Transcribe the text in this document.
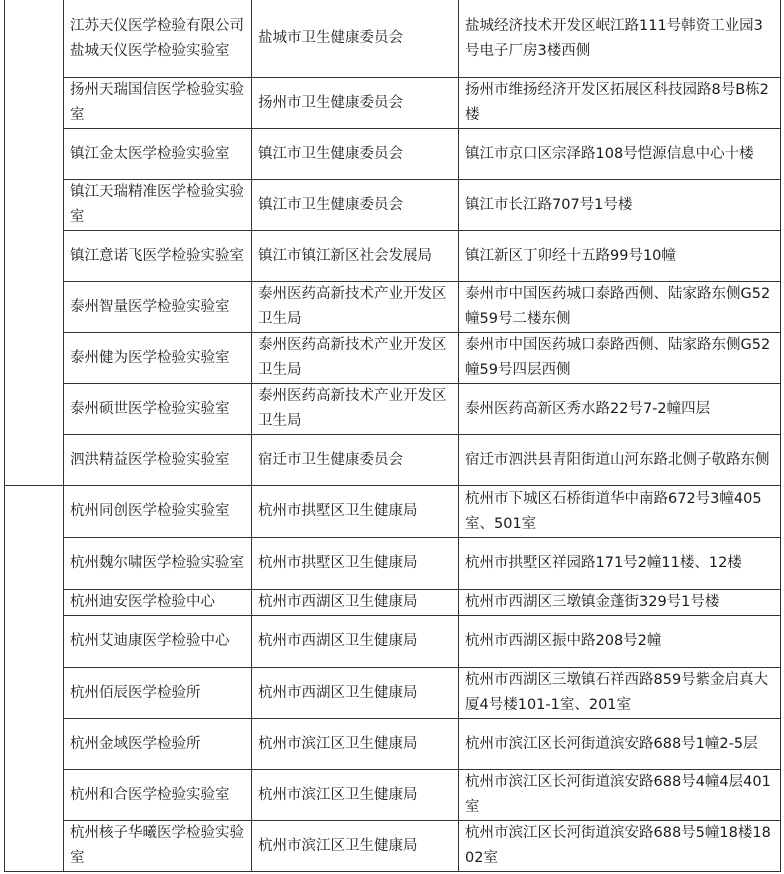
	江苏天仪医学检验有限公司盐城天仪医学检验实验室	盐城市卫生健康委员会	盐城经济技术开发区岷江路111号韩资工业园3号电子厂房3楼西侧
	扬州天瑞国信医学检验实验室	扬州市卫生健康委员会	扬州市维扬经济开发区拓展区科技园路8号B栋2楼
	镇江金太医学检验实验室	镇江市卫生健康委员会	镇江市京口区宗泽路108号恺源信息中心十楼
	镇江天瑞精准医学检验实验室	镇江市卫生健康委员会	镇江市长江路707号1号楼
	镇江意诺飞医学检验实验室	镇江市镇江新区社会发展局	镇江新区丁卯经十五路99号10幢
	泰州智量医学检验实验室	泰州医药高新技术产业开发区卫生局	泰州市中国医药城口泰路西侧、陆家路东侧G52幢59号二楼东侧
	泰州健为医学检验实验室	泰州医药高新技术产业开发区卫生局	泰州市中国医药城口泰路西侧、陆家路东侧G52幢59号四层西侧
	泰州硕世医学检验实验室	泰州医药高新技术产业开发区卫生局	泰州医药高新区秀水路22号7-2幢四层
	泗洪精益医学检验实验室	宿迁市卫生健康委员会	宿迁市泗洪县青阳街道山河东路北侧子敬路东侧
	杭州同创医学检验实验室	杭州市拱墅区卫生健康局	杭州市下城区石桥街道华中南路672号3幢405室、501室
	杭州魏尔啸医学检验实验室	杭州市拱墅区卫生健康局	杭州市拱墅区祥园路171号2幢11楼、12楼
	杭州迪安医学检验中心	杭州市西湖区卫生健康局	杭州市西湖区三墩镇金蓬街329号1号楼
	杭州艾迪康医学检验中心	杭州市西湖区卫生健康局	杭州市西湖区振中路208号2幢
	杭州佰辰医学检验所	杭州市西湖区卫生健康局	杭州市西湖区三墩镇石祥西路859号紫金启真大厦4号楼101-1室、201室
	杭州金域医学检验所	杭州市滨江区卫生健康局	杭州市滨江区长河街道滨安路688号1幢2-5层
	杭州和合医学检验实验室	杭州市滨江区卫生健康局	杭州市滨江区长河街道滨安路688号4幢4层401室
	杭州核子华曦医学检验实验室	杭州市滨江区卫生健康局	杭州市滨江区长河街道滨安路688号5幢18楼1802室
